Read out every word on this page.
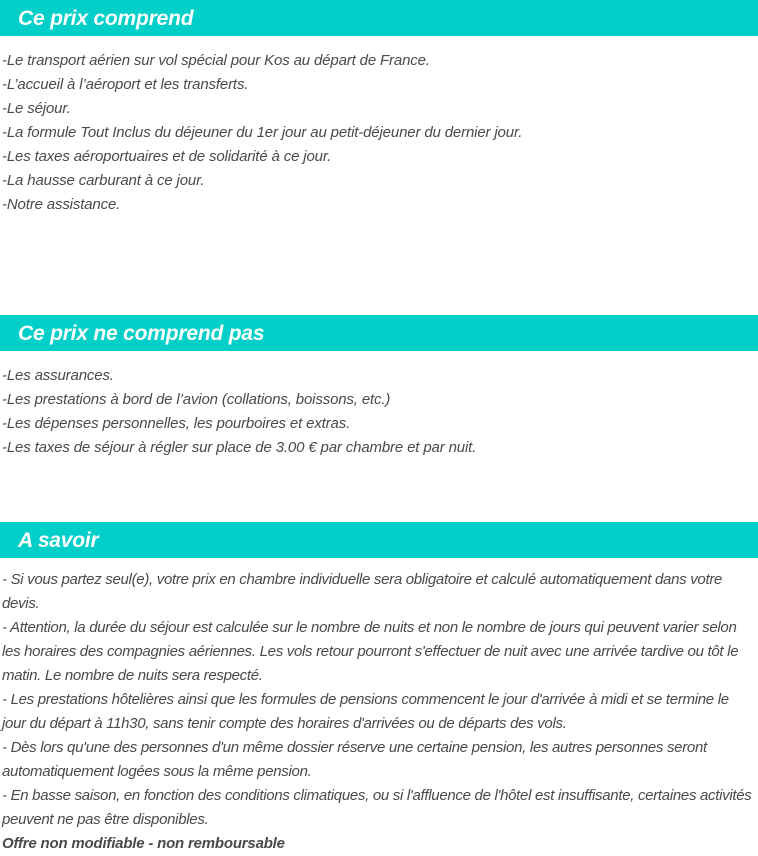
Ce prix comprend
-Le transport aérien sur vol spécial pour Kos au départ de France.
-L’accueil à l’aéroport et les transferts.
-Le séjour.
-La formule Tout Inclus du déjeuner du 1er jour au petit-déjeuner du dernier jour.
-Les taxes aéroportuaires et de solidarité à ce jour.
-La hausse carburant à ce jour.
-Notre assistance.
Ce prix ne comprend pas
-Les assurances.
-Les prestations à bord de l’avion (collations, boissons, etc.)
-Les dépenses personnelles, les pourboires et extras.
-Les taxes de séjour à régler sur place de 3.00 € par chambre et par nuit.
A savoir

- Si vous partez seul(e), votre prix en chambre individuelle sera obligatoire et calculé automatiquement dans votre devis.

- Attention, la durée du séjour est calculée sur le nombre de nuits et non le nombre de jours qui peuvent varier selon les horaires des compagnies aériennes. Les vols retour pourront s'effectuer de nuit avec une arrivée tardive ou tôt le matin. Le nombre de nuits sera respecté.

- Les prestations hôtelières ainsi que les formules de pensions commencent le jour d'arrivée à midi et se termine le jour du départ à 11h30, sans tenir compte des horaires d'arrivées ou de départs des vols.

- Dès lors qu'une des personnes d'un même dossier réserve une certaine pension, les autres personnes seront automatiquement logées sous la même pension.

- En basse saison, en fonction des conditions climatiques, ou si l'affluence de l'hôtel est insuffisante, certaines activités peuvent ne pas être disponibles.

Offre non modifiable - non remboursable
